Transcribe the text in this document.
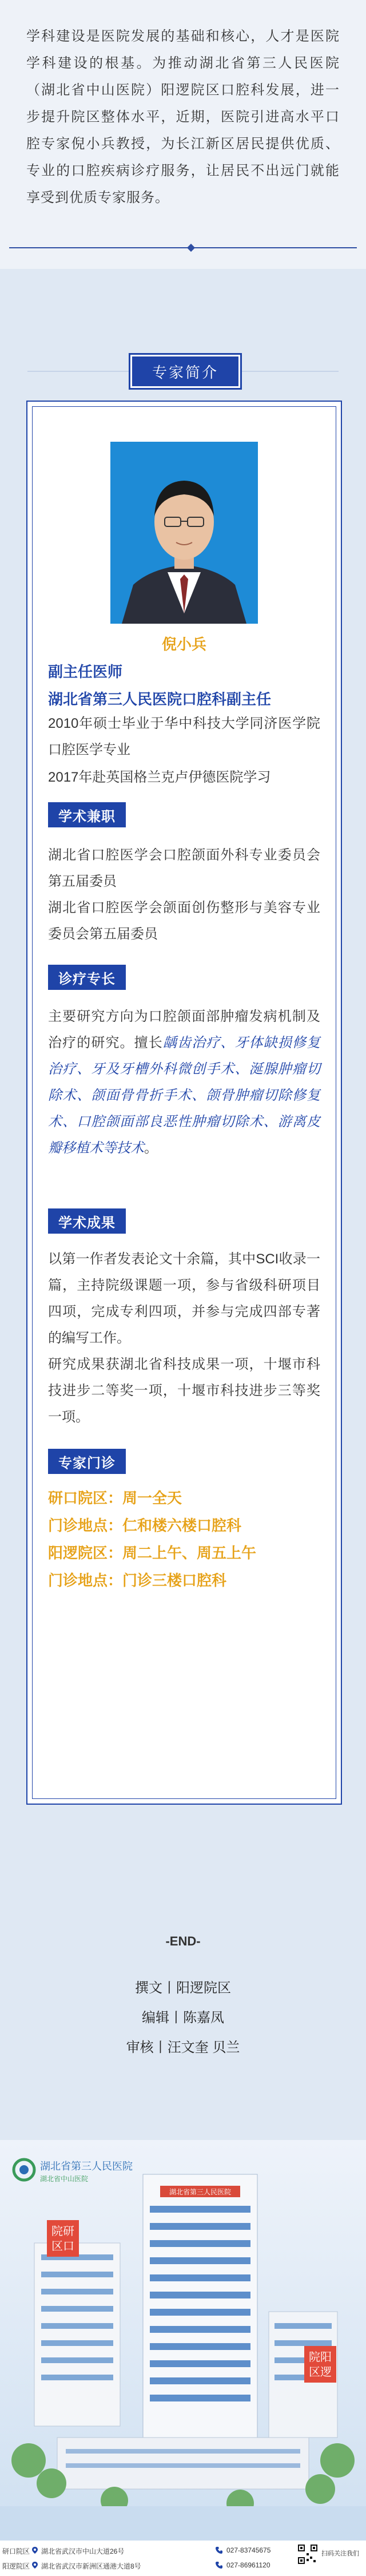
学科建设是医院发展的基础和核心，人才是医院学科建设的根基。为推动湖北省第三人民医院（湖北省中山医院）阳逻院区口腔科发展，进一步提升院区整体水平，近期，医院引进高水平口腔专家倪小兵教授，为长江新区居民提供优质、专业的口腔疾病诊疗服务，让居民不出远门就能享受到优质专家服务。
专家简介
倪小兵
副主任医师
湖北省第三人民医院口腔科副主任
2010年硕士毕业于华中科技大学同济医学院口腔医学专业
2017年赴英国格兰克卢伊德医院学习
学术兼职
湖北省口腔医学会口腔颌面外科专业委员会第五届委员
湖北省口腔医学会颌面创伤整形与美容专业委员会第五届委员
诊疗专长
主要研究方向为口腔颌面部肿瘤发病机制及治疗的研究。擅长龋齿治疗、牙体缺损修复治疗、牙及牙槽外科微创手术、涎腺肿瘤切除术、颌面骨骨折手术、颌骨肿瘤切除修复术、口腔颌面部良恶性肿瘤切除术、游离皮瓣移植术等技术。
学术成果
以第一作者发表论文十余篇，其中SCI收录一篇，主持院级课题一项，参与省级科研项目四项，完成专利四项，并参与完成四部专著的编写工作。
研究成果获湖北省科技成果一项，十堰市科技进步二等奖一项，十堰市科技进步三等奖一项。
专家门诊
研口院区：周一全天
门诊地点：仁和楼六楼口腔科
阳逻院区：周二上午、周五上午
门诊地点：门诊三楼口腔科
-END-
撰文丨阳逻院区
编辑丨陈嘉凤
审核丨汪文奎 贝兰
湖北省第三人民医院
湖北省第三人民医院
湖北省中山医院
院研
区口
院阳
区逻
研口院区 湖北省武汉市中山大道26号	027-83745675
阳逻院区 湖北省武汉市新洲区通港大道8号	027-86961120
扫码关注我们
